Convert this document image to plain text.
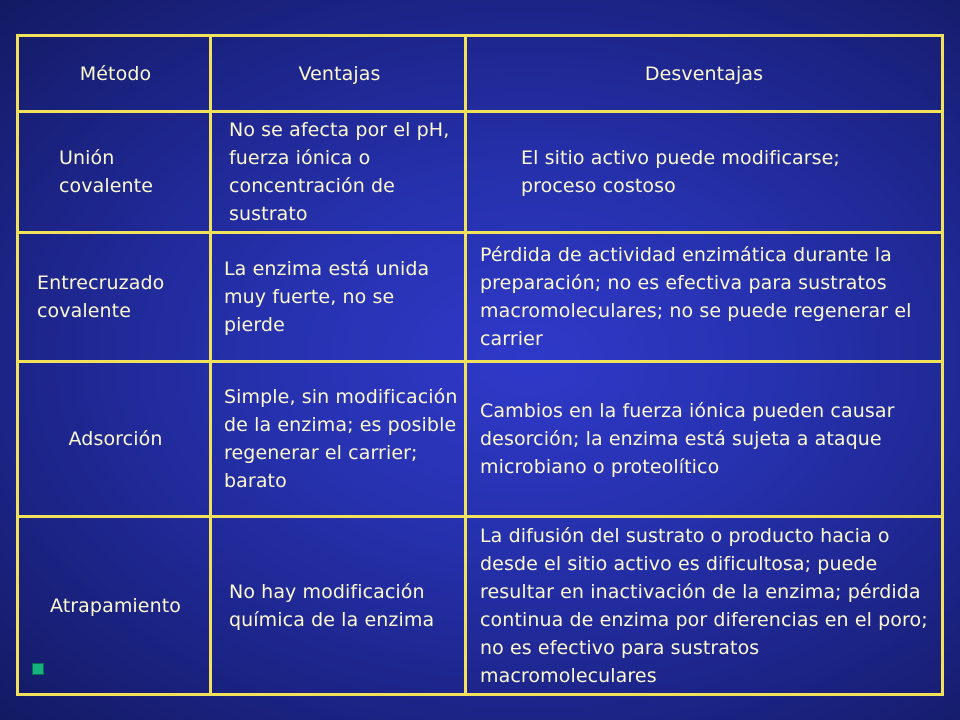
Método	Ventajas	Desventajas
Unión covalente
No se afecta por el pH, fuerza iónica o concentración de sustrato
El sitio activo puede modificarse; proceso costoso
Entrecruzado covalente
La enzima está unida muy fuerte, no se pierde
Pérdida de actividad enzimática durante la preparación; no es efectiva para sustratos macromoleculares; no se puede regenerar el carrier
Adsorción
Simple, sin modificación de la enzima; es posible regenerar el carrier; barato
Cambios en la fuerza iónica pueden causar desorción; la enzima está sujeta a ataque microbiano o proteolítico
Atrapamiento
No hay modificación química de la enzima
La difusión del sustrato o producto hacia o desde el sitio activo es dificultosa; puede resultar en inactivación de la enzima; pérdida continua de enzima por diferencias en el poro; no es efectivo para sustratos macromoleculares
